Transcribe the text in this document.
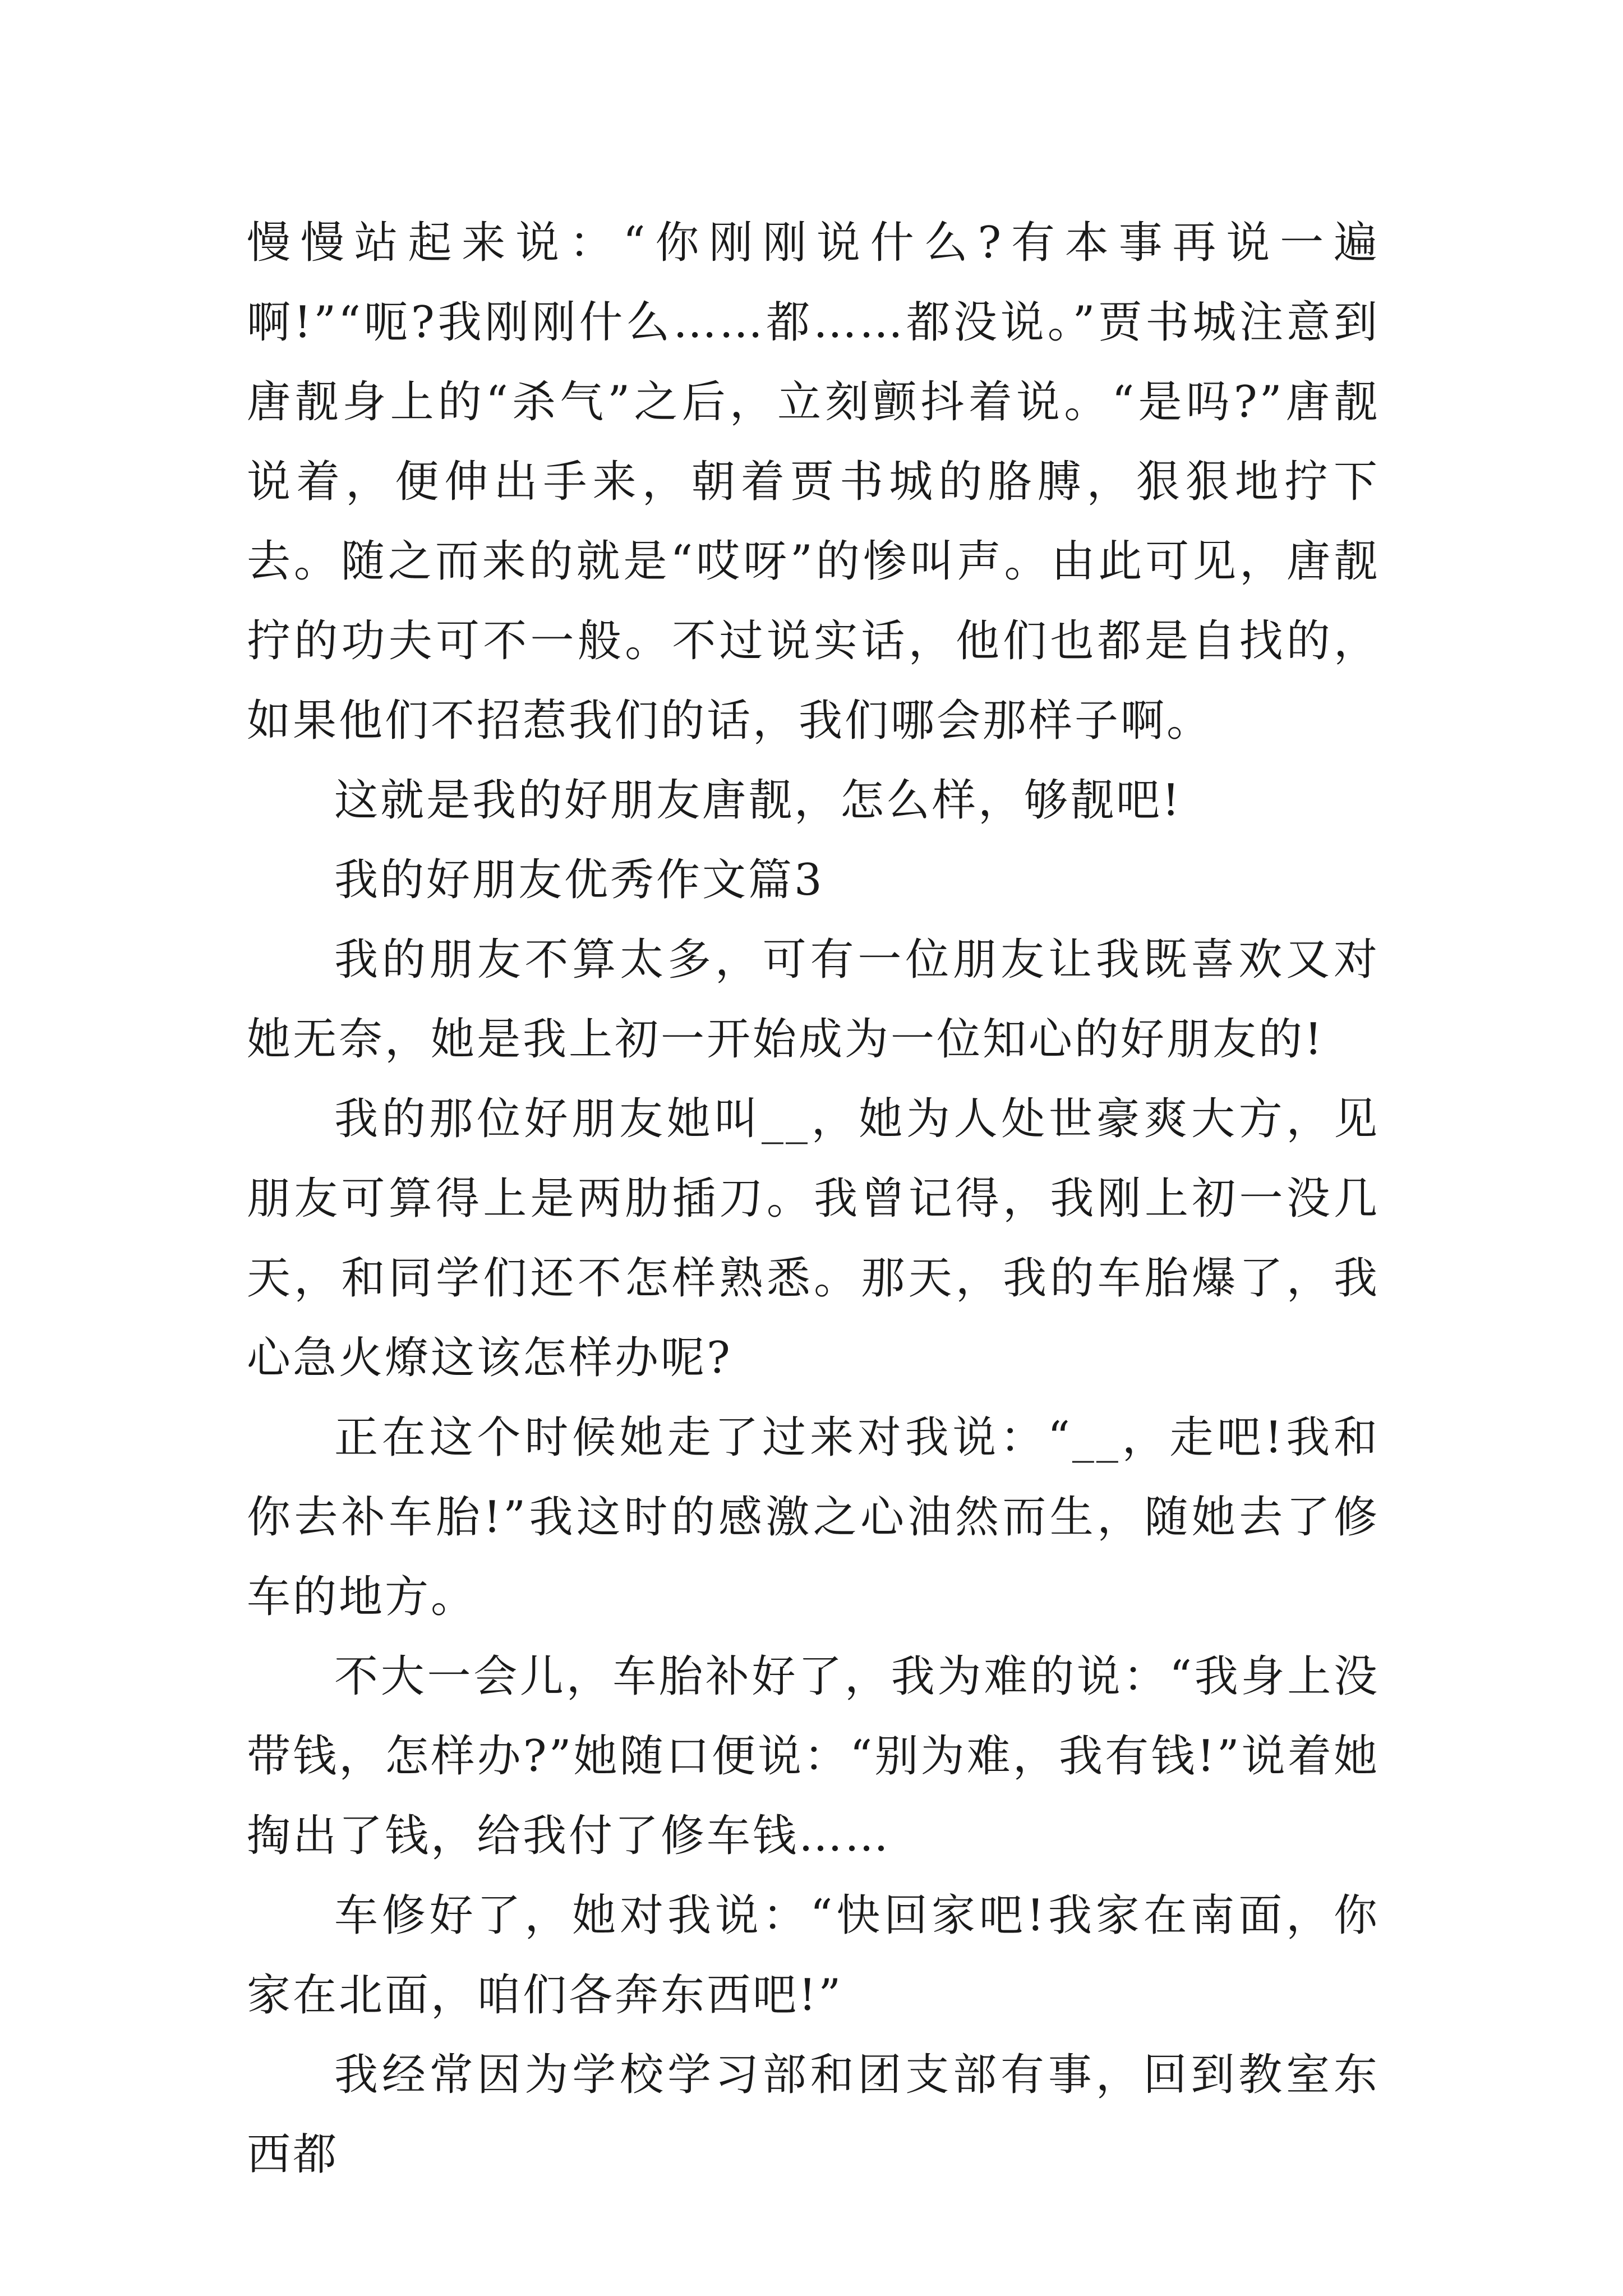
慢慢站起来说：“你刚刚说什么?有本事再说一遍啊!”“呃?我刚刚什么……都……都没说。”贾书城注意到唐靓身上的“杀气”之后，立刻颤抖着说。“是吗?”唐靓说着，便伸出手来，朝着贾书城的胳膊，狠狠地拧下去。随之而来的就是“哎呀”的惨叫声。由此可见，唐靓拧的功夫可不一般。不过说实话，他们也都是自找的，如果他们不招惹我们的话，我们哪会那样子啊。

这就是我的好朋友唐靓，怎么样，够靓吧!

我的好朋友优秀作文篇3

我的朋友不算太多，可有一位朋友让我既喜欢又对她无奈，她是我上初一开始成为一位知心的好朋友的!

我的那位好朋友她叫__，她为人处世豪爽大方，见朋友可算得上是两肋插刀。我曾记得，我刚上初一没几天，和同学们还不怎样熟悉。那天，我的车胎爆了，我心急火燎这该怎样办呢?

正在这个时候她走了过来对我说：“__，走吧!我和你去补车胎!”我这时的感激之心油然而生，随她去了修车的地方。

不大一会儿，车胎补好了，我为难的说：“我身上没带钱，怎样办?”她随口便说：“别为难，我有钱!”说着她掏出了钱，给我付了修车钱……

车修好了，她对我说：“快回家吧!我家在南面，你家在北面，咱们各奔东西吧!”

我经常因为学校学习部和团支部有事，回到教室东西都
